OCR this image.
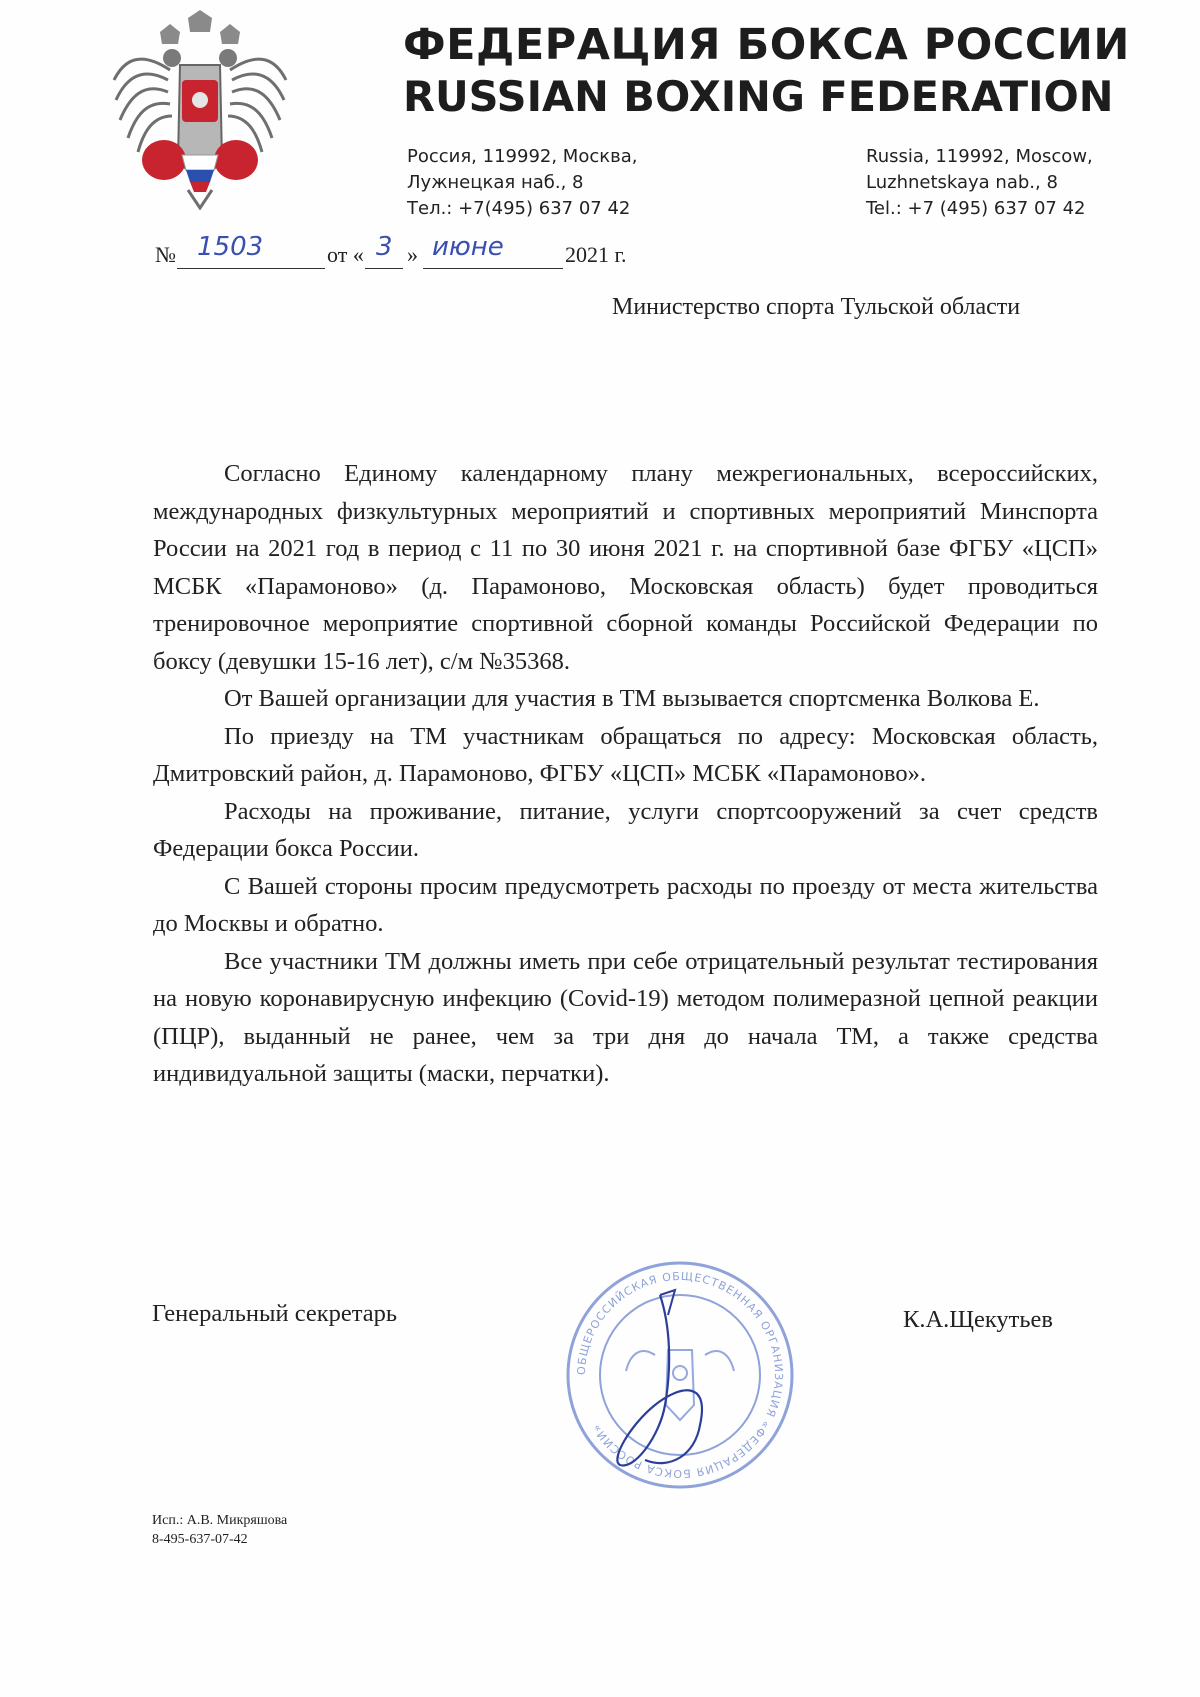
ФЕДЕРАЦИЯ БОКСА РОССИИ
RUSSIAN BOXING FEDERATION
Россия, 119992, Москва,
Лужнецкая наб., 8
Тел.: +7(495) 637 07 42
Russia, 119992, Moscow,
Luzhnetskaya nab., 8
Tel.: +7 (495) 637 07 42
№ 1503	от « 3 » июне	2021 г.
Министерство спорта Тульской области

Согласно Единому календарному плану межрегиональных, всероссийских, международных физкультурных мероприятий и спортивных мероприятий Минспорта России на 2021 год в период с 11 по 30 июня 2021 г. на спортивной базе ФГБУ «ЦСП» МСБК «Парамоново» (д. Парамоново, Московская область) будет проводиться тренировочное мероприятие спортивной сборной команды Российской Федерации по боксу (девушки 15-16 лет), с/м №35368.

От Вашей организации для участия в ТМ вызывается спортсменка Волкова Е.

По приезду на ТМ участникам обращаться по адресу: Московская область, Дмитровский район, д. Парамоново, ФГБУ «ЦСП» МСБК «Парамоново».

Расходы на проживание, питание, услуги спортсооружений за счет средств Федерации бокса России.

С Вашей стороны просим предусмотреть расходы по проезду от места жительства до Москвы и обратно.

Все участники ТМ должны иметь при себе отрицательный результат тестирования на новую коронавирусную инфекцию (Covid-19) методом полимеразной цепной реакции (ПЦР), выданный не ранее, чем за три дня до начала ТМ, а также средства индивидуальной защиты (маски, перчатки).

Генеральный секретарь	К.А.Щекутьев
ОБЩЕРОССИЙСКАЯ ОБЩЕСТВЕННАЯ ОРГАНИЗАЦИЯ «ФЕДЕРАЦИЯ БОКСА РОССИИ»
Исп.: А.В. Микряшова
8-495-637-07-42
